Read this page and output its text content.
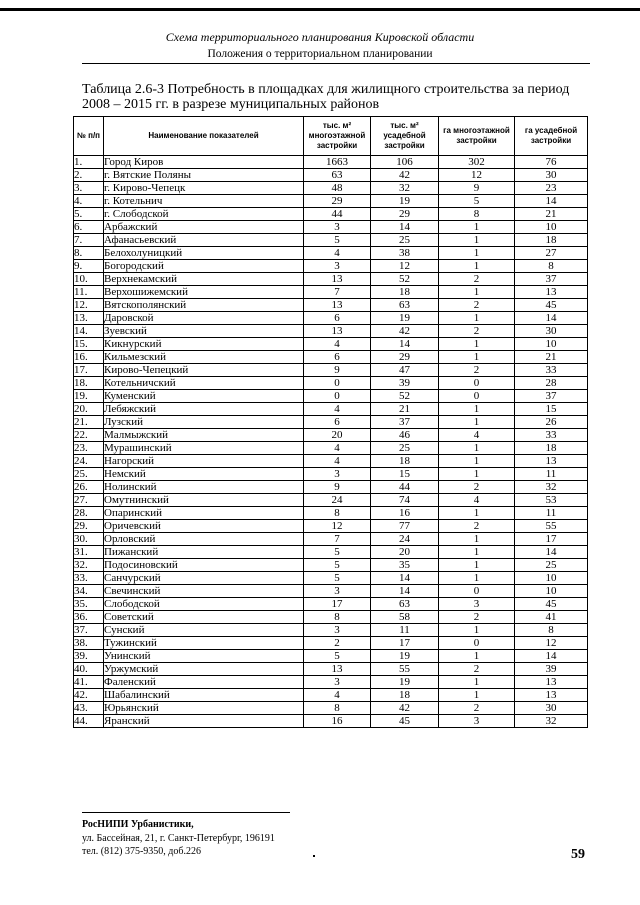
Схема территориального планирования Кировской области
Положения о территориальном планировании
Таблица 2.6-3 Потребность в площадках для жилищного строительства за период 2008 – 2015 гг. в разрезе муниципальных районов
№ п/п	Наименование показателей	тыс. м² многоэтажной застройки	тыс. м² усадебной застройки	га многоэтажной застройки	га усадебной застройки
1.	Город Киров	1663	106	302	76
2.	г. Вятские Поляны	63	42	12	30
3.	г. Кирово-Чепецк	48	32	9	23
4.	г. Котельнич	29	19	5	14
5.	г. Слободской	44	29	8	21
6.	Арбажский	3	14	1	10
7.	Афанасьевский	5	25	1	18
8.	Белохолуницкий	4	38	1	27
9.	Богородский	3	12	1	8
10.	Верхнекамский	13	52	2	37
11.	Верхошижемский	7	18	1	13
12.	Вятскополянский	13	63	2	45
13.	Даровской	6	19	1	14
14.	Зуевский	13	42	2	30
15.	Кикнурский	4	14	1	10
16.	Кильмезский	6	29	1	21
17.	Кирово-Чепецкий	9	47	2	33
18.	Котельничский	0	39	0	28
19.	Куменский	0	52	0	37
20.	Лебяжский	4	21	1	15
21.	Лузский	6	37	1	26
22.	Малмыжский	20	46	4	33
23.	Мурашинский	4	25	1	18
24.	Нагорский	4	18	1	13
25.	Немский	3	15	1	11
26.	Нолинский	9	44	2	32
27.	Омутнинский	24	74	4	53
28.	Опаринский	8	16	1	11
29.	Оричевский	12	77	2	55
30.	Орловский	7	24	1	17
31.	Пижанский	5	20	1	14
32.	Подосиновский	5	35	1	25
33.	Санчурский	5	14	1	10
34.	Свечинский	3	14	0	10
35.	Слободской	17	63	3	45
36.	Советский	8	58	2	41
37.	Сунский	3	11	1	8
38.	Тужинский	2	17	0	12
39.	Унинский	5	19	1	14
40.	Уржумский	13	55	2	39
41.	Фаленский	3	19	1	13
42.	Шабалинский	4	18	1	13
43.	Юрьянский	8	42	2	30
44.	Яранский	16	45	3	32
РосНИПИ Урбанистики,
ул. Бассейная, 21, г. Санкт-Петербург, 196191
тел. (812) 375-9350, доб.226	59
